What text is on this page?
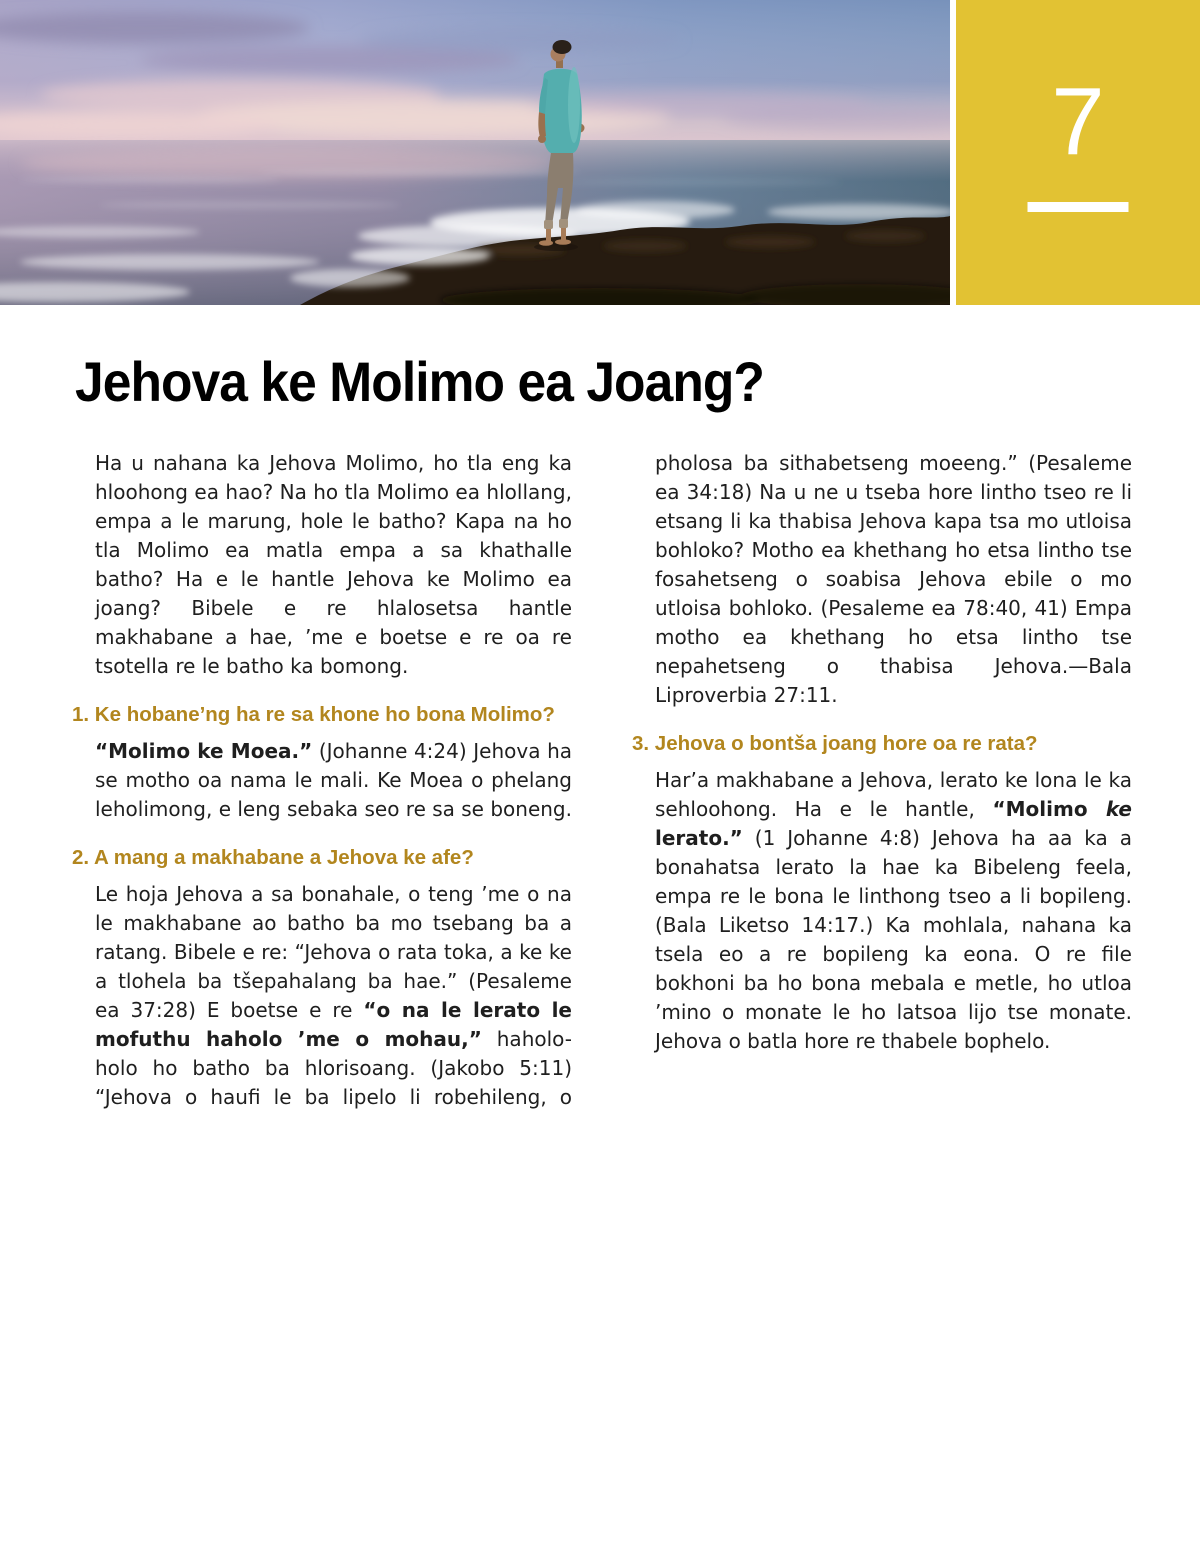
7
Jehova ke Molimo ea Joang?

Ha u nahana ka Jehova Molimo, ho tla eng ka hloohong ea hao? Na ho tla Molimo ea hlollang, empa a le marung, hole le batho? Kapa na ho tla Molimo ea matla empa a sa khathalle batho? Ha e le hantle Jehova ke Molimo ea joang? Bibele e re hlalosetsa hantle makhabane a hae, ’me e boetse e re oa re tsotella re le batho ka bomong.

1. Ke hobane’ng ha re sa khone ho bona Molimo?

“Molimo ke Moea.” (Johanne 4:24) Jehova ha se motho oa nama le mali. Ke Moea o phelang leholimong, e leng sebaka seo re sa se boneng.

2. A mang a makhabane a Jehova ke afe?

Le hoja Jehova a sa bonahale, o teng ’me o na le makhabane ao batho ba mo tsebang ba a ratang. Bibele e re: “Jehova o rata toka, a ke ke a tlohela ba tšepahalang ba hae.” (Pesaleme ea 37:28) E boetse e re “o na le lerato le mofuthu haholo ’me o mohau,” haholo-holo ho batho ba hlorisoang. (Jakobo 5:11) “Jehova o haufi le ba lipelo li robehileng, o pholosa ba sithabetseng moeeng.” (Pesaleme ea 34:18) Na u ne u tseba hore lintho tseo re li etsang li ka thabisa Jehova kapa tsa mo utloisa bohloko? Motho ea khethang ho etsa lintho tse fosahetseng o soabisa Jehova ebile o mo utloisa bohloko. (Pesaleme ea 78:40, 41) Empa motho ea khethang ho etsa lintho tse nepahetseng o thabisa Jehova.—Bala Liproverbia 27:11.

3. Jehova o bontša joang hore oa re rata?

Har’a makhabane a Jehova, lerato ke lona le ka sehloohong. Ha e le hantle, “Molimo ke lerato.” (1 Johanne 4:8) Jehova ha aa ka a bonahatsa lerato la hae ka Bibeleng feela, empa re le bona le linthong tseo a li bopileng. (Bala Liketso 14:17.) Ka mohlala, nahana ka tsela eo a re bopileng ka eona. O re file bokhoni ba ho bona mebala e metle, ho utloa ’mino o monate le ho latsoa lijo tse monate. Jehova o batla hore re thabele bophelo.
